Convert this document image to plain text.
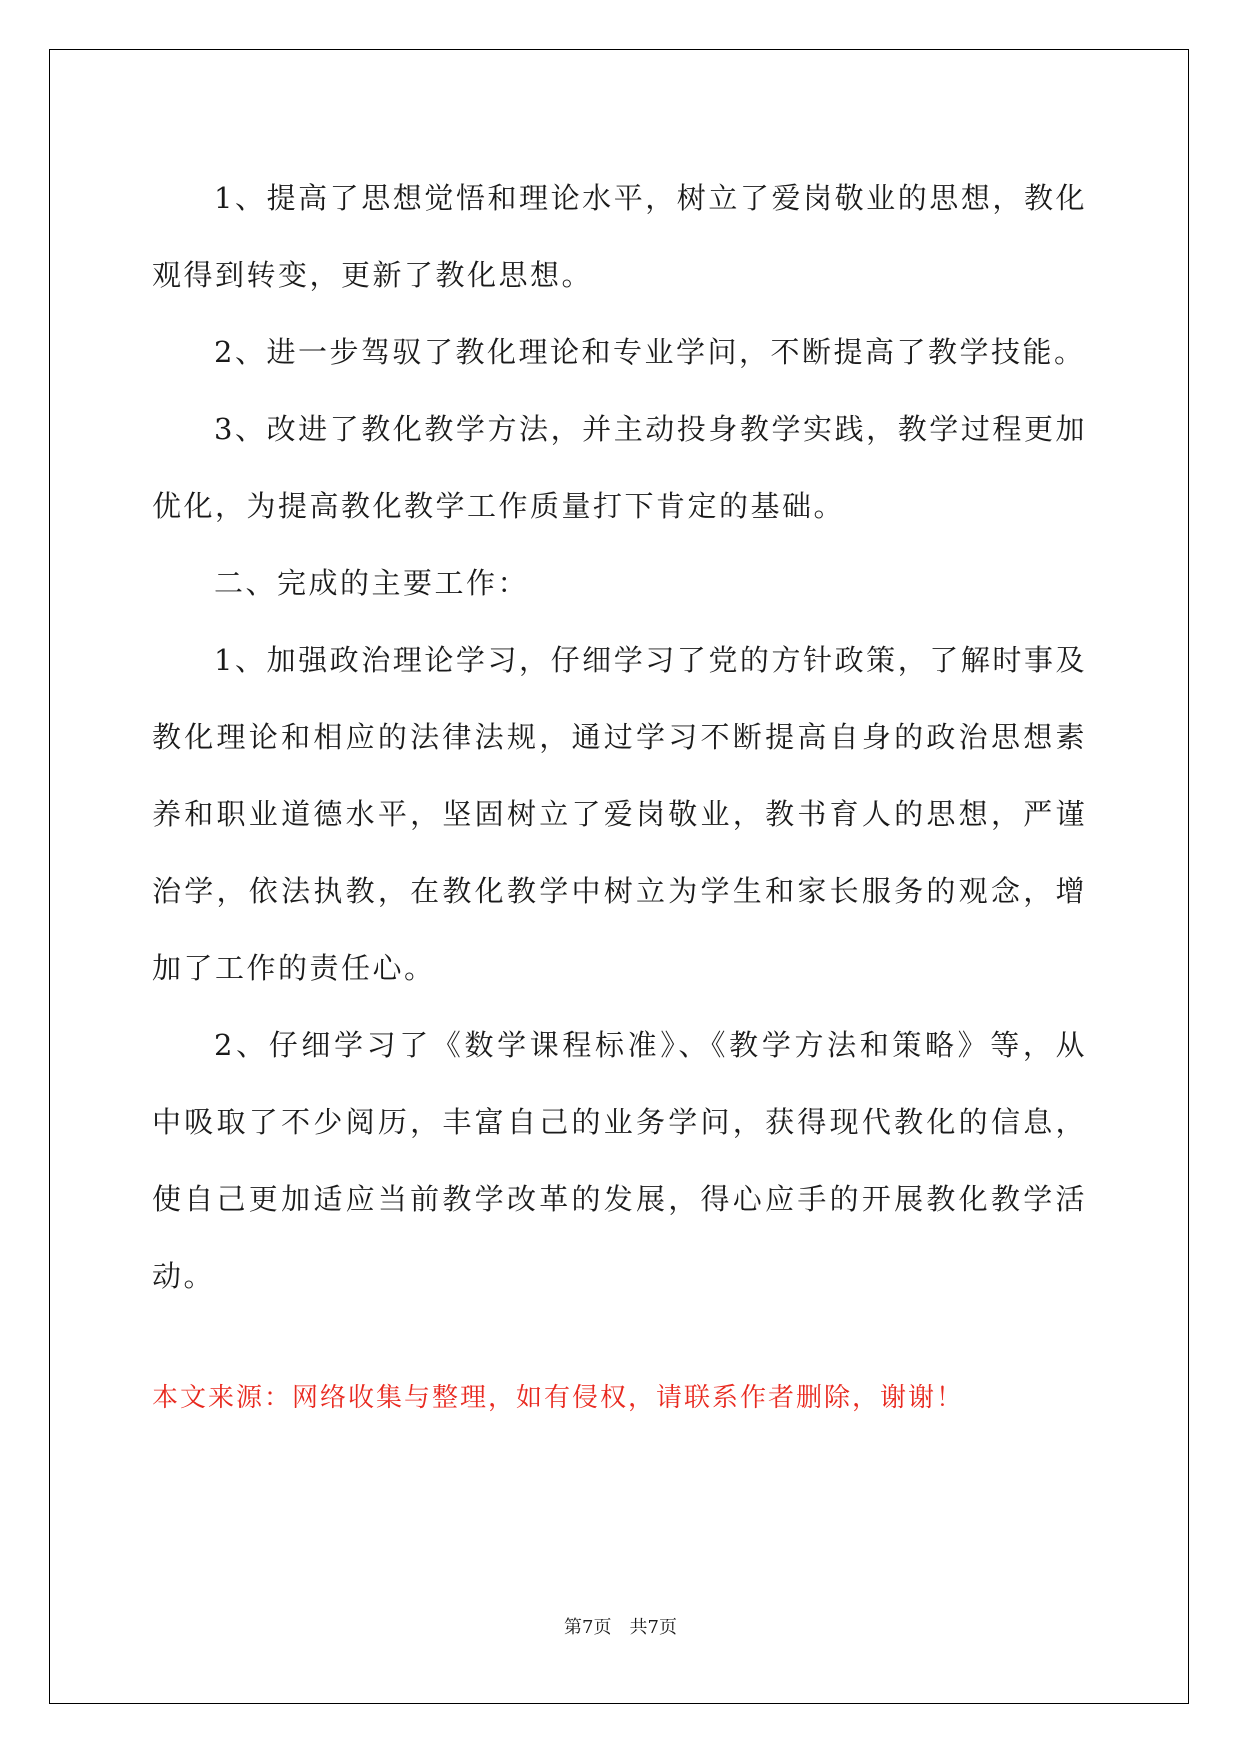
1、提高了思想觉悟和理论水平，树立了爱岗敬业的思想，教化观得到转变，更新了教化思想。

2、进一步驾驭了教化理论和专业学问，不断提高了教学技能。

3、改进了教化教学方法，并主动投身教学实践，教学过程更加优化，为提高教化教学工作质量打下肯定的基础。

二、完成的主要工作：

1、加强政治理论学习，仔细学习了党的方针政策，了解时事及教化理论和相应的法律法规，通过学习不断提高自身的政治思想素养和职业道德水平，坚固树立了爱岗敬业，教书育人的思想，严谨治学，依法执教，在教化教学中树立为学生和家长服务的观念，增加了工作的责任心。

2、仔细学习了《数学课程标准》、《教学方法和策略》等，从中吸取了不少阅历，丰富自己的业务学问，获得现代教化的信息，使自己更加适应当前教学改革的发展，得心应手的开展教化教学活动。

本文来源：网络收集与整理，如有侵权，请联系作者删除，谢谢！
第7页 共7页
